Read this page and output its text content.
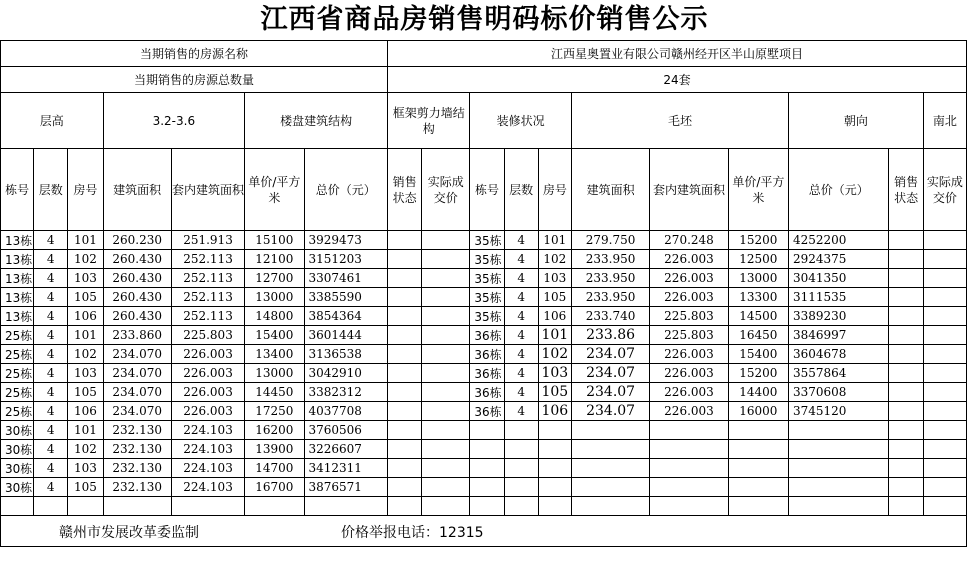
江西省商品房销售明码标价销售公示
当期销售的房源名称							江西星奥置业有限公司赣州经开区半山原墅项目										
当期销售的房源总数量							24套										
层高			3.2-3.6		楼盘建筑结构		框架剪力墙结构		装修状况			毛坯			朝向		南北
栋号	层数	房号	建筑面积	套内建筑面积	单价/平方米	总价（元）	销售状态	实际成交价	栋号	层数	房号	建筑面积	套内建筑面积	单价/平方米	总价（元）	销售状态	实际成交价
13栋	4	101	260.230	251.913	15100	3929473			35栋	4	101	279.750	270.248	15200	4252200		
13栋	4	102	260.430	252.113	12100	3151203			35栋	4	102	233.950	226.003	12500	2924375		
13栋	4	103	260.430	252.113	12700	3307461			35栋	4	103	233.950	226.003	13000	3041350		
13栋	4	105	260.430	252.113	13000	3385590			35栋	4	105	233.950	226.003	13300	3111535		
13栋	4	106	260.430	252.113	14800	3854364			35栋	4	106	233.740	225.803	14500	3389230		
25栋	4	101	233.860	225.803	15400	3601444			36栋	4	101	233.86	225.803	16450	3846997		
25栋	4	102	234.070	226.003	13400	3136538			36栋	4	102	234.07	226.003	15400	3604678		
25栋	4	103	234.070	226.003	13000	3042910			36栋	4	103	234.07	226.003	15200	3557864		
25栋	4	105	234.070	226.003	14450	3382312			36栋	4	105	234.07	226.003	14400	3370608		
25栋	4	106	234.070	226.003	17250	4037708			36栋	4	106	234.07	226.003	16000	3745120		
30栋	4	101	232.130	224.103	16200	3760506											
30栋	4	102	232.130	224.103	13900	3226607											
30栋	4	103	232.130	224.103	14700	3412311											
30栋	4	105	232.130	224.103	16700	3876571											

赣州市发展改革委监制	价格举报电话：12315
